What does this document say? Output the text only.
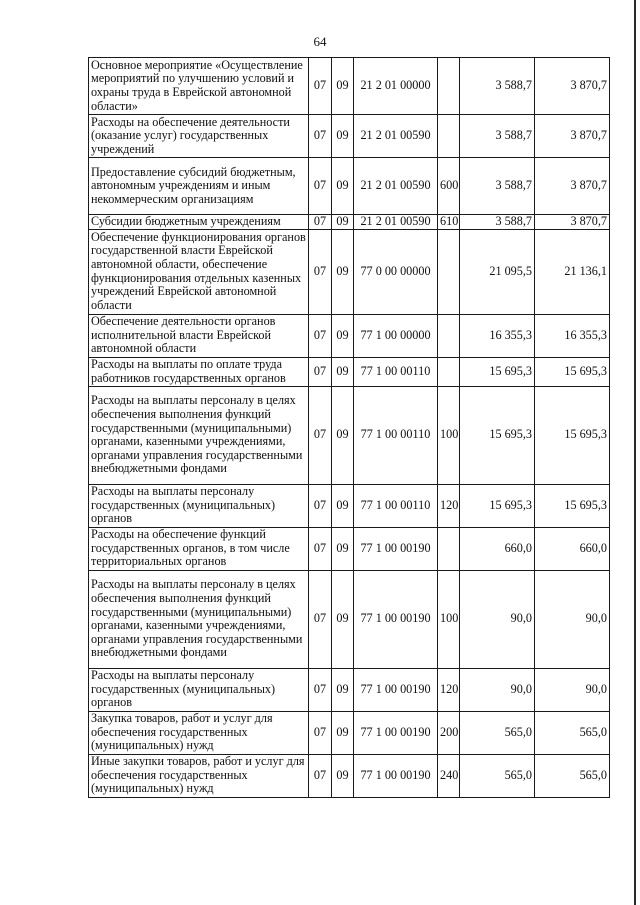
64
Основное мероприятие «Осуществление мероприятий по улучшению условий и охраны труда в Еврейской автономной области»	07	09	21 2 01 00000		3 588,7	3 870,7
Расходы на обеспечение деятельности (оказание услуг) государственных учреждений	07	09	21 2 01 00590		3 588,7	3 870,7
Предоставление субсидий бюджетным, автономным учреждениям и иным некоммерческим организациям	07	09	21 2 01 00590	600	3 588,7	3 870,7
Субсидии бюджетным учреждениям	07	09	21 2 01 00590	610	3 588,7	3 870,7
Обеспечение функционирования органов государственной власти Еврейской автономной области, обеспечение функционирования отдельных казенных учреждений Еврейской автономной области	07	09	77 0 00 00000		21 095,5	21 136,1
Обеспечение деятельности органов исполнительной власти Еврейской автономной области	07	09	77 1 00 00000		16 355,3	16 355,3
Расходы на выплаты по оплате труда работников государственных органов	07	09	77 1 00 00110		15 695,3	15 695,3
Расходы на выплаты персоналу в целях обеспечения выполнения функций государственными (муниципальными) органами, казенными учреждениями, органами управления государственными внебюджетными фондами	07	09	77 1 00 00110	100	15 695,3	15 695,3
Расходы на выплаты персоналу государственных (муниципальных) органов	07	09	77 1 00 00110	120	15 695,3	15 695,3
Расходы на обеспечение функций государственных органов, в том числе территориальных органов	07	09	77 1 00 00190		660,0	660,0
Расходы на выплаты персоналу в целях обеспечения выполнения функций государственными (муниципальными) органами, казенными учреждениями, органами управления государственными внебюджетными фондами	07	09	77 1 00 00190	100	90,0	90,0
Расходы на выплаты персоналу государственных (муниципальных) органов	07	09	77 1 00 00190	120	90,0	90,0
Закупка товаров, работ и услуг для обеспечения государственных (муниципальных) нужд	07	09	77 1 00 00190	200	565,0	565,0
Иные закупки товаров, работ и услуг для обеспечения государственных (муниципальных) нужд	07	09	77 1 00 00190	240	565,0	565,0
